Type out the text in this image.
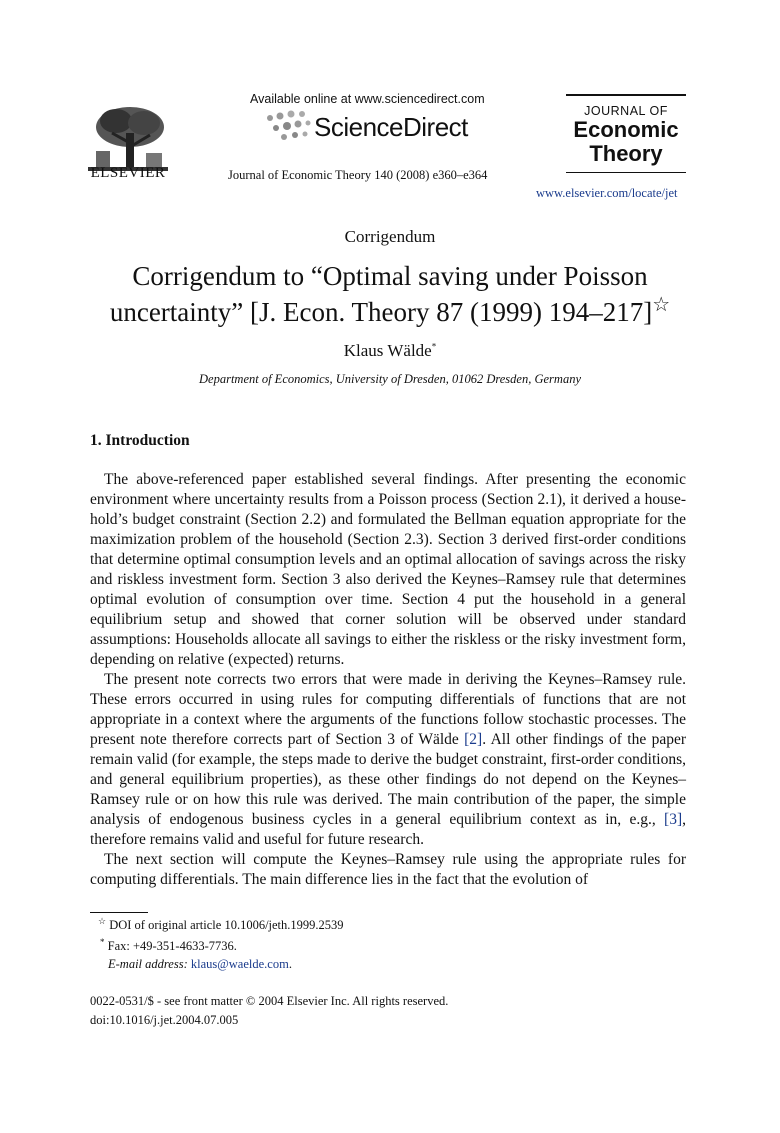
ELSEVIER
Available online at www.sciencedirect.com
ScienceDirect
Journal of Economic Theory 140 (2008) e360–e364
JOURNAL OF
Economic
Theory
www.elsevier.com/locate/jet
Corrigendum
Corrigendum to “Optimal saving under Poisson uncertainty” [J. Econ. Theory 87 (1999) 194–217]☆
Klaus Wälde*
Department of Economics, University of Dresden, 01062 Dresden, Germany
1. Introduction

The above-referenced paper established several findings. After presenting the economic environment where uncertainty results from a Poisson process (Section 2.1), it derived a house-hold’s budget constraint (Section 2.2) and formulated the Bellman equation appropriate for the maximization problem of the household (Section 2.3). Section 3 derived first-order conditions that determine optimal consumption levels and an optimal allocation of savings across the risky and riskless investment form. Section 3 also derived the Keynes–Ramsey rule that determines optimal evolution of consumption over time. Section 4 put the household in a general equilibrium setup and showed that corner solution will be observed under standard assumptions: Households allocate all savings to either the riskless or the risky investment form, depending on relative (expected) returns.

The present note corrects two errors that were made in deriving the Keynes–Ramsey rule. These errors occurred in using rules for computing differentials of functions that are not appropriate in a context where the arguments of the functions follow stochastic processes. The present note therefore corrects part of Section 3 of Wälde [2]. All other findings of the paper remain valid (for example, the steps made to derive the budget constraint, first-order conditions, and general equilibrium properties), as these other findings do not depend on the Keynes–Ramsey rule or on how this rule was derived. The main contribution of the paper, the simple analysis of endogenous business cycles in a general equilibrium context as in, e.g., [3], therefore remains valid and useful for future research.

The next section will compute the Keynes–Ramsey rule using the appropriate rules for computing differentials. The main difference lies in the fact that the evolution of

☆ DOI of original article 10.1006/jeth.1999.2539
* Fax: +49-351-4633-7736.
E-mail address: klaus@waelde.com.
0022-0531/$ - see front matter © 2004 Elsevier Inc. All rights reserved.
doi:10.1016/j.jet.2004.07.005
